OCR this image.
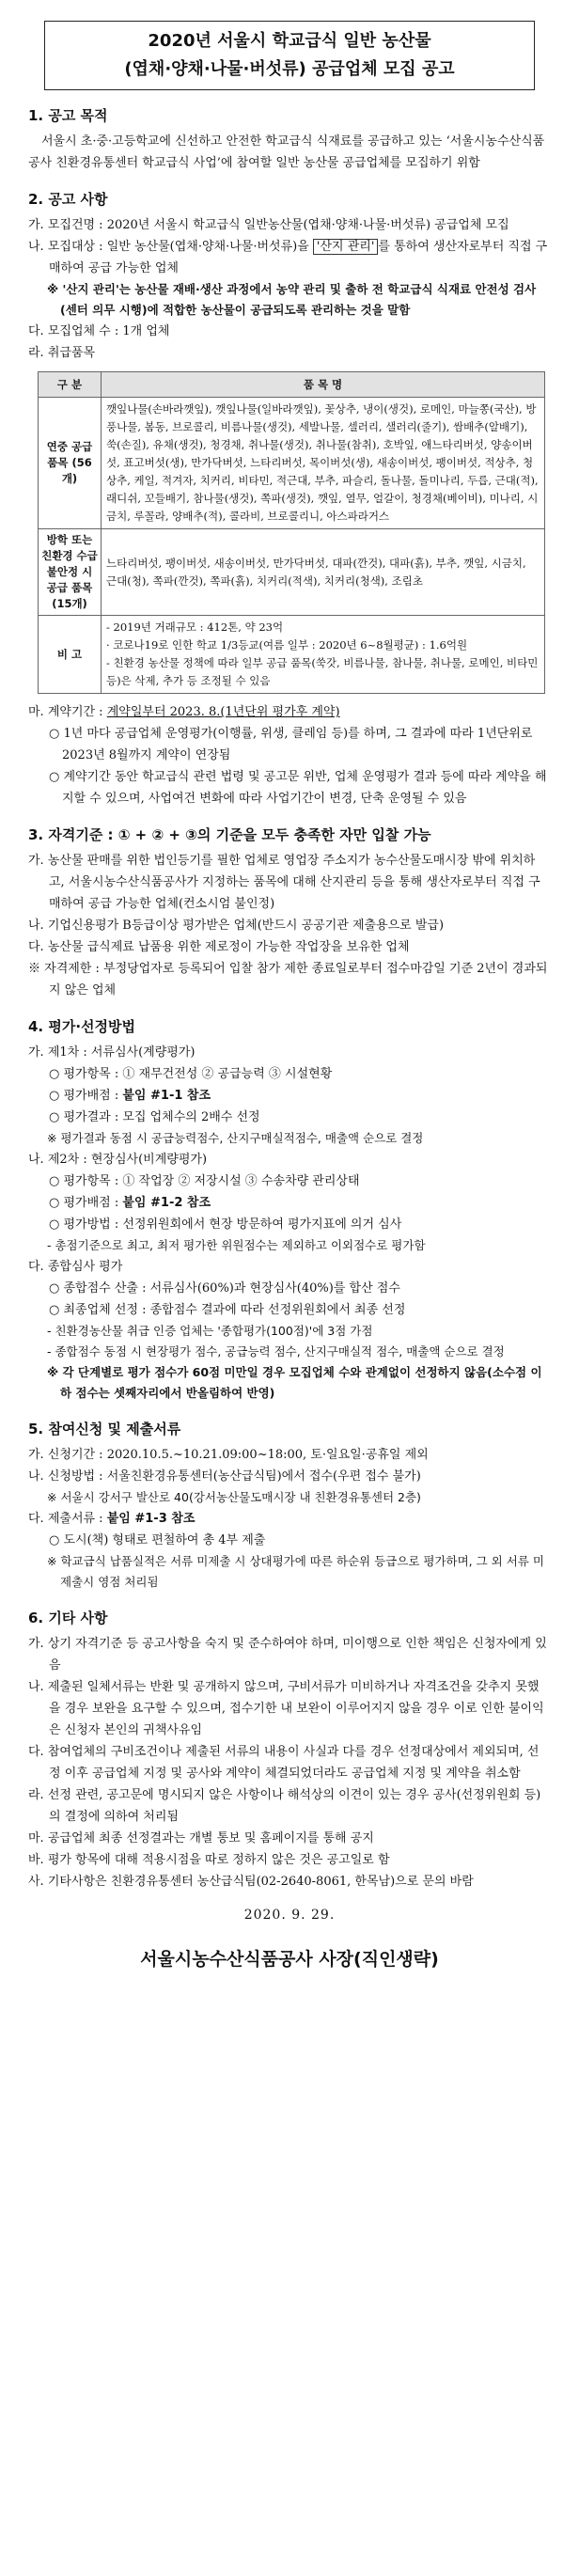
2020년 서울시 학교급식 일반 농산물
(엽채·양채·나물·버섯류) 공급업체 모집 공고
1. 공고 목적

서울시 초·중·고등학교에 신선하고 안전한 학교급식 식재료를 공급하고 있는 ‘서울시농수산식품공사 친환경유통센터 학교급식 사업’에 참여할 일반 농산물 공급업체를 모집하기 위함

2. 공고 사항

가. 모집건명 : 2020년 서울시 학교급식 일반농산물(엽채·양채·나물·버섯류) 공급업체 모집

나. 모집대상 : 일반 농산물(엽채·양채·나물·버섯류)을 '산지 관리' 를 통하여 생산자로부터 직접 구매하여 공급 가능한 업체

※ '산지 관리'는 농산물 재배·생산 과정에서 농약 관리 및 출하 전 학교급식 식재료 안전성 검사(센터 의무 시행)에 적합한 농산물이 공급되도록 관리하는 것을 말함

다. 모집업체 수 : 1개 업체

라. 취급품목

구 분	품 목 명
연중 공급 품목 (56개)	깻잎나물(손바라깻잎), 깻잎나물(일바라깻잎), 꽃상추, 냉이(생것), 로메인, 마늘쫑(국산), 방풍나물, 봄동, 브로콜리, 비름나물(생것), 세발나물, 셀러리, 샐러리(줄기), 쌈배추(알배기), 쑥(손질), 유채(생것), 청경채, 취나물(생것), 취나물(참취), 호박잎, 애느타리버섯, 양송이버섯, 표고버섯(생), 만가닥버섯, 느타리버섯, 목이버섯(생), 새송이버섯, 팽이버섯, 적상추, 청상추, 케일, 적겨자, 치커리, 비타민, 적근대, 부추, 파슬리, 돌나물, 돌미나리, 두릅, 근대(적), 래디쉬, 꼬들배기, 참나물(생것), 쪽파(생것), 깻잎, 열무, 얼갈이, 청경채(베이비), 미나리, 시금치, 루꼴라, 양배추(적), 콜라비, 브로콜리니, 아스파라거스
방학 또는 친환경 수급 불안정 시 공급 품목(15개)	느타리버섯, 팽이버섯, 새송이버섯, 만가닥버섯, 대파(깐것), 대파(흙), 부추, 깻잎, 시금치, 근대(청), 쪽파(깐것), 쪽파(흙), 치커리(적색), 치커리(청색), 조림초
비 고	- 2019년 거래규모 : 412톤, 약 23억
· 코로나19로 인한 학교 1/3등교(여름 일부 : 2020년 6~8월평균) : 1.6억원
- 친환경 농산물 정책에 따라 일부 공급 품목(쑥갓, 비름나물, 참나물, 취나물, 로메인, 비타민 등)은 삭제, 추가 등 조정될 수 있음

마. 계약기간 : 계약일부터 2023. 8.(1년단위 평가후 계약)

○ 1년 마다 공급업체 운영평가(이행률, 위생, 클레임 등)를 하며, 그 결과에 따라 1년단위로 2023년 8월까지 계약이 연장됨

○ 계약기간 동안 학교급식 관련 법령 및 공고문 위반, 업체 운영평가 결과 등에 따라 계약을 해지할 수 있으며, 사업여건 변화에 따라 사업기간이 변경, 단축 운영될 수 있음

3. 자격기준 : ① + ② + ③의 기준을 모두 충족한 자만 입찰 가능

가. 농산물 판매를 위한 법인등기를 필한 업체로 영업장 주소지가 농수산물도매시장 밖에 위치하고, 서울시농수산식품공사가 지정하는 품목에 대해 산지관리 등을 통해 생산자로부터 직접 구매하여 공급 가능한 업체(컨소시엄 불인정)

나. 기업신용평가 B등급이상 평가받은 업체(반드시 공공기관 제출용으로 발급)

다. 농산물 급식제료 납품용 위한 제로정이 가능한 작업장을 보유한 업체

※ 자격제한 : 부정당업자로 등록되어 입찰 참가 제한 종료일로부터 접수마감일 기준 2년이 경과되지 않은 업체

4. 평가·선정방법

가. 제1차 : 서류심사(계량평가)

○ 평가항목 : ① 재무건전성 ② 공급능력 ③ 시설현황

○ 평가배점 : 붙임 #1-1 참조

○ 평가결과 : 모집 업체수의 2배수 선정

※ 평가결과 동점 시 공급능력점수, 산지구매실적점수, 매출액 순으로 결정

나. 제2차 : 현장심사(비계량평가)

○ 평가항목 : ① 작업장 ② 저장시설 ③ 수송차량 관리상태

○ 평가배점 : 붙임 #1-2 참조

○ 평가방법 : 선정위원회에서 현장 방문하여 평가지표에 의거 심사

- 총점기준으로 최고, 최저 평가한 위원점수는 제외하고 이외점수로 평가함

다. 종합심사 평가

○ 종합점수 산출 : 서류심사(60%)과 현장심사(40%)를 합산 점수

○ 최종업체 선정 : 종합점수 결과에 따라 선정위원회에서 최종 선정

- 친환경농산물 취급 인증 업체는 '종합평가(100점)'에 3점 가점

- 종합점수 동점 시 현장평가 점수, 공급능력 점수, 산지구매실적 점수, 매출액 순으로 결정

※ 각 단계별로 평가 점수가 60점 미만일 경우 모집업체 수와 관계없이 선정하지 않음(소수점 이하 점수는 셋째자리에서 반올림하여 반영)

5. 참여신청 및 제출서류

가. 신청기간 : 2020.10.5.~10.21.09:00~18:00, 토·일요일·공휴일 제외

나. 신청방법 : 서울친환경유통센터(농산급식팀)에서 접수(우편 접수 불가)

※ 서울시 강서구 발산로 40(강서농산물도매시장 내 친환경유통센터 2층)

다. 제출서류 : 붙임 #1-3 참조

○ 도시(책) 형태로 편철하여 총 4부 제출

※ 학교급식 납품실적은 서류 미제출 시 상대평가에 따른 하순위 등급으로 평가하며, 그 외 서류 미제출시 영점 처리됨

6. 기타 사항

가. 상기 자격기준 등 공고사항을 숙지 및 준수하여야 하며, 미이행으로 인한 책임은 신청자에게 있음

나. 제출된 일체서류는 반환 및 공개하지 않으며, 구비서류가 미비하거나 자격조건을 갖추지 못했을 경우 보완을 요구할 수 있으며, 접수기한 내 보완이 이루어지지 않을 경우 이로 인한 불이익은 신청자 본인의 귀책사유임

다. 참여업체의 구비조건이나 제출된 서류의 내용이 사실과 다를 경우 선정대상에서 제외되며, 선정 이후 공급업체 지정 및 공사와 계약이 체결되었더라도 공급업체 지정 및 계약을 취소함

라. 선정 관련, 공고문에 명시되지 않은 사항이나 해석상의 이견이 있는 경우 공사(선정위원회 등)의 결정에 의하여 처리됨

마. 공급업체 최종 선정결과는 개별 통보 및 홈페이지를 통해 공지

바. 평가 항목에 대해 적용시점을 따로 정하지 않은 것은 공고일로 함

사. 기타사항은 친환경유통센터 농산급식팀(02-2640-8061, 한목남)으로 문의 바람

2020. 9. 29.
서울시농수산식품공사 사장(직인생략)
